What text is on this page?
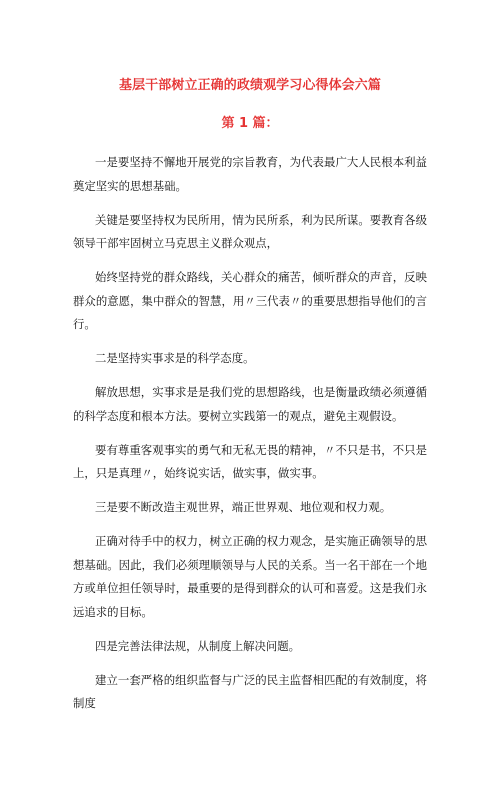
基层干部树立正确的政绩观学习心得体会六篇
第 1 篇：

一是要坚持不懈地开展党的宗旨教育，为代表最广大人民根本利益奠定坚实的思想基础。

关键是要坚持权为民所用，情为民所系，利为民所谋。要教育各级领导干部牢固树立马克思主义群众观点，

始终坚持党的群众路线，关心群众的痛苦，倾听群众的声音，反映群众的意愿，集中群众的智慧，用〃三代表〃的重要思想指导他们的言行。

二是坚持实事求是的科学态度。

解放思想，实事求是是我们党的思想路线，也是衡量政绩必须遵循的科学态度和根本方法。要树立实践第一的观点，避免主观假设。

要有尊重客观事实的勇气和无私无畏的精神，〃不只是书，不只是上，只是真理〃，始终说实话，做实事，做实事。

三是要不断改造主观世界，端正世界观、地位观和权力观。

正确对待手中的权力，树立正确的权力观念，是实施正确领导的思想基础。因此，我们必须理顺领导与人民的关系。当一名干部在一个地方或单位担任领导时，最重要的是得到群众的认可和喜爱。这是我们永远追求的目标。

四是完善法律法规，从制度上解决问题。

建立一套严格的组织监督与广泛的民主监督相匹配的有效制度，将制度
